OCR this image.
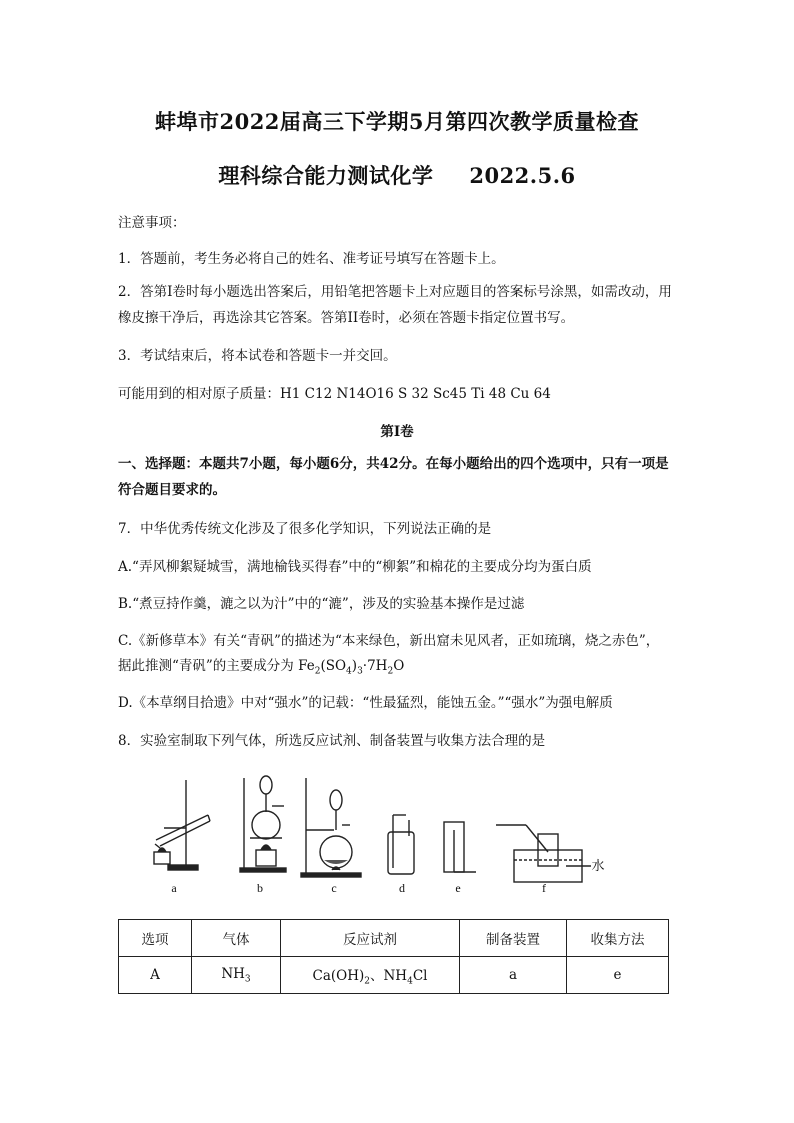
蚌埠市2022届高三下学期5月第四次教学质量检查
理科综合能力测试化学 2022.5.6
注意事项：
1．答题前，考生务必将自己的姓名、准考证号填写在答题卡上。
2．答第I卷时每小题选出答案后，用铅笔把答题卡上对应题目的答案标号涂黑，如需改动，用橡皮擦干净后，再选涂其它答案。答第II卷时，必须在答题卡指定位置书写。
3．考试结束后，将本试卷和答题卡一并交回。
可能用到的相对原子质量：H1 C12 N14O16 S 32 Sc45 Ti 48 Cu 64
第I卷
一、选择题：本题共7小题，每小题6分，共42分。在每小题给出的四个选项中，只有一项是符合题目要求的。
7．中华优秀传统文化涉及了很多化学知识，下列说法正确的是
A.“弄风柳絮疑城雪，满地榆钱买得春”中的“柳絮”和棉花的主要成分均为蛋白质
B.“煮豆持作羹，漉之以为汁”中的“漉”，涉及的实验基本操作是过滤
C.《新修草本》有关“青矾”的描述为“本来绿色，新出窟未见风者，正如琉璃，烧之赤色”，
据此推测“青矾”的主要成分为 $Fe_2(SO_4)_3\cdot 7H_2O$
D.《本草纲目拾遗》中对“强水”的记载：“性最猛烈，能蚀五金。”“强水”为强电解质
8．实验室制取下列气体，所选反应试剂、制备装置与收集方法合理的是
a	b	c	d	e	f
水
选项	气体	反应试剂	制备装置	收集方法
A	$NH_3$	$Ca(OH)_2$、$NH_4Cl$	a	e
